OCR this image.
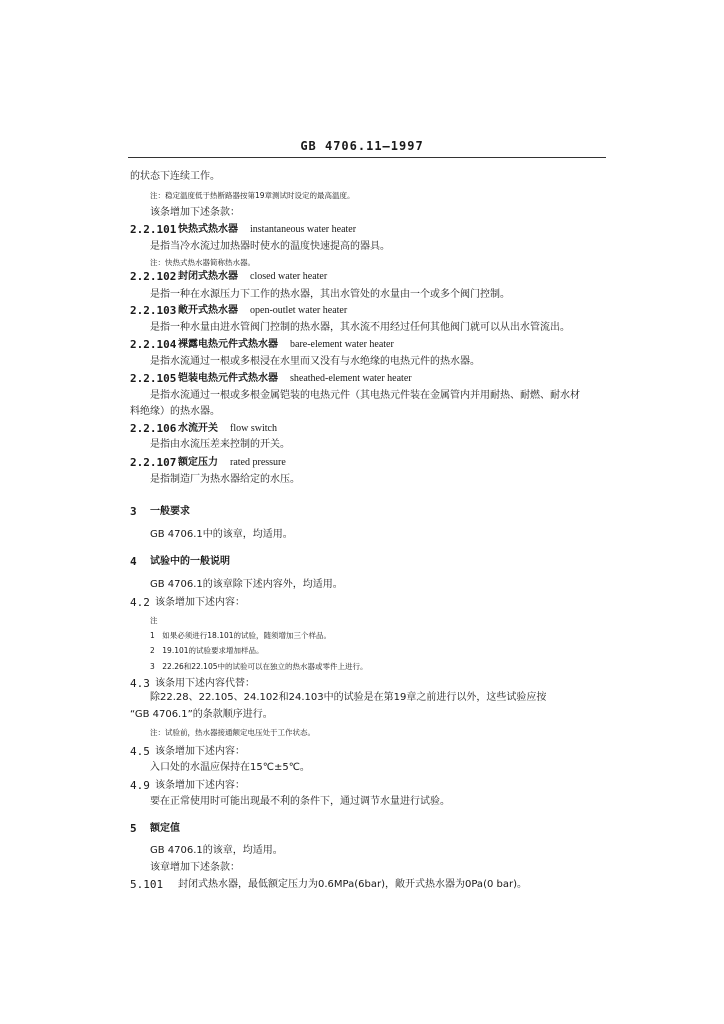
GB 4706.11—1997
的状态下连续工作。
注：稳定温度低于热断路器按第19章测试时设定的最高温度。
该条增加下述条款：
2.2.101 快热式热水器 instantaneous water heater
是指当冷水流过加热器时使水的温度快速提高的器具。
注：快热式热水器简称热水器。
2.2.102 封闭式热水器 closed water heater
是指一种在水源压力下工作的热水器，其出水管处的水量由一个或多个阀门控制。
2.2.103 敞开式热水器 open-outlet water heater
是指一种水量由进水管阀门控制的热水器，其水流不用经过任何其他阀门就可以从出水管流出。
2.2.104 裸露电热元件式热水器 bare-element water heater
是指水流通过一根或多根浸在水里而又没有与水绝缘的电热元件的热水器。
2.2.105 铠装电热元件式热水器 sheathed-element water heater
是指水流通过一根或多根金属铠装的电热元件（其电热元件装在金属管内并用耐热、耐燃、耐水材
料绝缘）的热水器。
2.2.106 水流开关 flow switch
是指由水流压差来控制的开关。
2.2.107 额定压力 rated pressure
是指制造厂为热水器给定的水压。
3 一般要求
GB 4706.1中的该章，均适用。
4 试验中的一般说明
GB 4706.1的该章除下述内容外，均适用。
4.2 该条增加下述内容：
注
1　如果必须进行18.101的试验，随须增加三个样品。
2　19.101的试验要求增加样品。
3　22.26和22.105中的试验可以在独立的热水器或零件上进行。
4.3 该条用下述内容代替：
除22.28、22.105、24.102和24.103中的试验是在第19章之前进行以外，这些试验应按
“GB 4706.1”的条款顺序进行。
注：试验前，热水器接通额定电压处于工作状态。
4.5 该条增加下述内容：
入口处的水温应保持在15℃±5℃。
4.9 该条增加下述内容：
要在正常使用时可能出现最不利的条件下，通过调节水量进行试验。
5 额定值
GB 4706.1的该章，均适用。
该章增加下述条款：
5.101 封闭式热水器，最低额定压力为0.6MPa(6bar)，敞开式热水器为0Pa(0 bar)。
